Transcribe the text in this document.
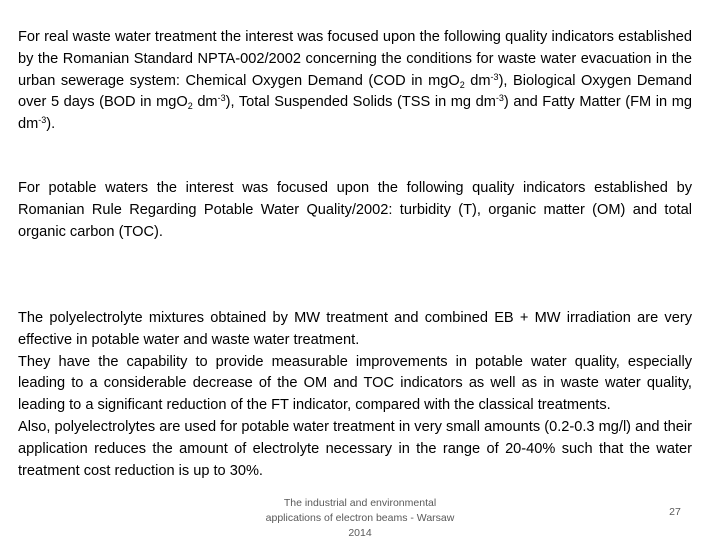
For real waste water treatment the interest was focused upon the following quality indicators established by the Romanian Standard NPTA-002/2002 concerning the conditions for waste water evacuation in the urban sewerage system: Chemical Oxygen Demand (COD in mgO$_2$ $dm^{-3}$), Biological Oxygen Demand over 5 days (BOD in mgO$_2$ $dm^{-3}$), Total Suspended Solids (TSS in mg $dm^{-3}$) and Fatty Matter (FM in mg $dm^{-3}$).

For potable waters the interest was focused upon the following quality indicators established by Romanian Rule Regarding Potable Water Quality/2002: turbidity (T), organic matter (OM) and total organic carbon (TOC).

The polyelectrolyte mixtures obtained by MW treatment and combined EB + MW irradiation are very effective in potable water and waste water treatment.
They have the capability to provide measurable improvements in potable water quality, especially leading to a considerable decrease of the OM and TOC indicators as well as in waste water quality, leading to a significant reduction of the FT indicator, compared with the classical treatments.
Also, polyelectrolytes are used for potable water treatment in very small amounts (0.2-0.3 mg/l) and their application reduces the amount of electrolyte necessary in the range of 20-40% such that the water treatment cost reduction is up to 30%.
The industrial and environmental
applications of electron beams - Warsaw
2014
27
